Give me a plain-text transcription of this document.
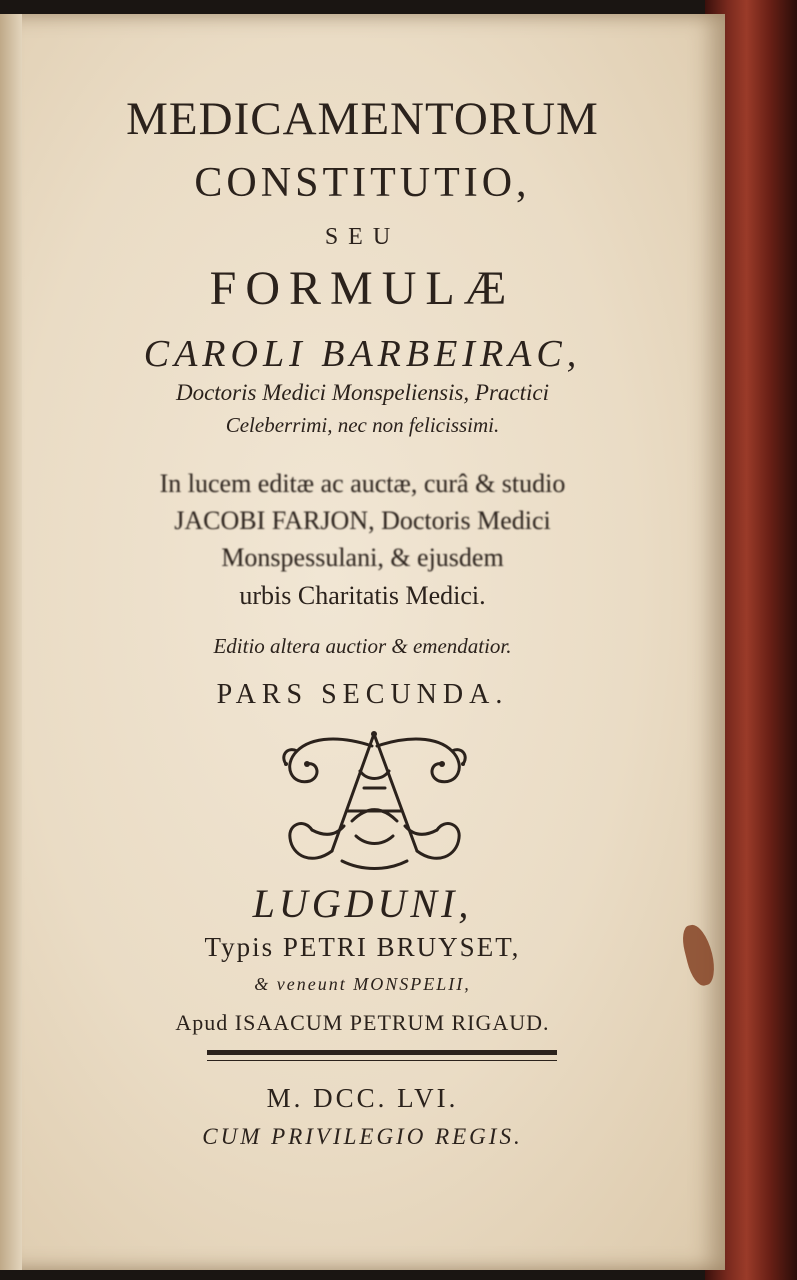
MEDICAMENTORUM
CONSTITUTIO,
SEU
FORMULÆ
CAROLI BARBEIRAC,
Doctoris Medici Monspeliensis, Practici
Celeberrimi, nec non felicissimi.
In lucem editæ ac auctæ, curâ & studio
JACOBI FARJON, Doctoris Medici
Monspessulani, & ejusdem
urbis Charitatis Medici.
Editio altera auctior & emendatior.
PARS SECUNDA.
LUGDUNI,
Typis PETRI BRUYSET,
& veneunt MONSPELII,
Apud ISAACUM PETRUM RIGAUD.
M. DCC. LVI.
CUM PRIVILEGIO REGIS.
